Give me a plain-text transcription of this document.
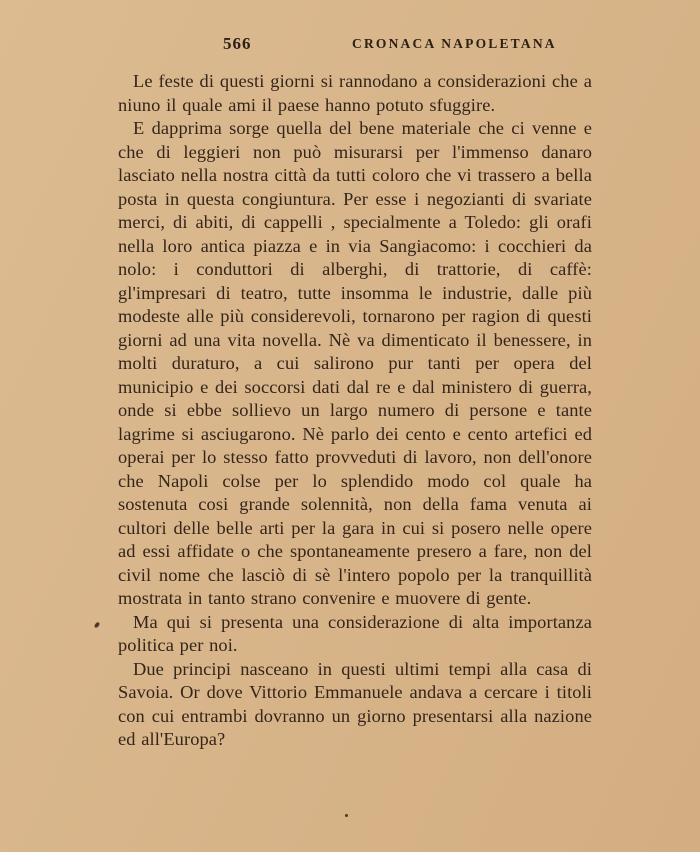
566	CRONACA NAPOLETANA

Le feste di questi giorni si rannodano a considerazioni che a niuno il quale ami il paese hanno potuto sfuggire.

E dapprima sorge quella del bene materiale che ci venne e che di leggieri non può misurarsi per l'immenso danaro lasciato nella nostra città da tutti coloro che vi trassero a bella posta in questa congiuntura. Per esse i negozianti di svariate merci, di abiti, di cappelli , specialmente a Toledo: gli orafi nella loro antica piazza e in via Sangiacomo: i cocchieri da nolo: i conduttori di alberghi, di trattorie, di caffè: gl'impresari di teatro, tutte insomma le industrie, dalle più modeste alle più considerevoli, tornarono per ragion di questi giorni ad una vita novella. Nè va dimenticato il benessere, in molti duraturo, a cui salirono pur tanti per opera del municipio e dei soccorsi dati dal re e dal ministero di guerra, onde si ebbe sollievo un largo numero di persone e tante lagrime si asciugarono. Nè parlo dei cento e cento artefici ed operai per lo stesso fatto provveduti di lavoro, non dell'onore che Napoli colse per lo splendido modo col quale ha sostenuta cosi grande solennità, non della fama venuta ai cultori delle belle arti per la gara in cui si posero nelle opere ad essi affidate o che spontaneamente presero a fare, non del civil nome che lasciò di sè l'intero popolo per la tranquillità mostrata in tanto strano convenire e muovere di gente.

Ma qui si presenta una considerazione di alta importanza politica per noi.

Due principi nasceano in questi ultimi tempi alla casa di Savoia. Or dove Vittorio Emmanuele andava a cercare i titoli con cui entrambi dovranno un giorno presentarsi alla nazione ed all'Europa?
